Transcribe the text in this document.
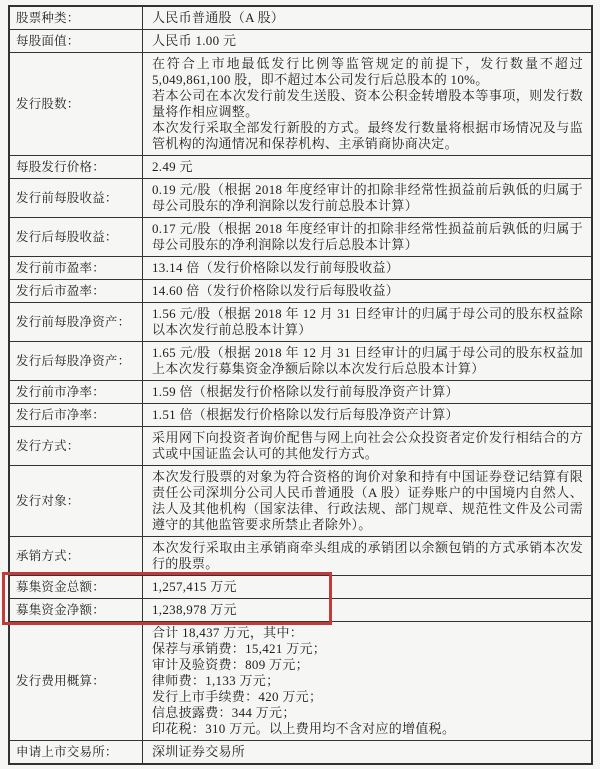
股票种类：	人民币普通股（A 股）

每股面值：	人民币 1.00 元

发行股数：	在符合上市地最低发行比例等监管规定的前提下，发行数量不超过 5,049,861,100 股，即不超过本公司发行后总股本的 10%。

若本公司在本次发行前发生送股、资本公积金转增股本等事项，则发行数量将作相应调整。

本次发行采取全部发行新股的方式。最终发行数量将根据市场情况及与监管机构的沟通情况和保荐机构、主承销商协商决定。

每股发行价格：	2.49 元

发行前每股收益：	0.19 元/股（根据 2018 年度经审计的扣除非经常性损益前后孰低的归属于母公司股东的净利润除以发行前总股本计算）

发行后每股收益：	0.17 元/股（根据 2018 年度经审计的扣除非经常性损益前后孰低的归属于母公司股东的净利润除以发行后总股本计算）

发行前市盈率：	13.14 倍（发行价格除以发行前每股收益）

发行后市盈率：	14.60 倍（发行价格除以发行后每股收益）

发行前每股净资产：	1.56 元/股（根据 2018 年 12 月 31 日经审计的归属于母公司的股东权益除以本次发行前总股本计算）

发行后每股净资产：	1.65 元/股（根据 2018 年 12 月 31 日经审计的归属于母公司的股东权益加上本次发行募集资金净额后除以本次发行后总股本计算）

发行前市净率：	1.59 倍（根据发行价格除以发行前每股净资产计算）

发行后市净率：	1.51 倍（根据发行价格除以发行后每股净资产计算）

发行方式：	采用网下向投资者询价配售与网上向社会公众投资者定价发行相结合的方式或中国证监会认可的其他发行方式。

发行对象：	本次发行股票的对象为符合资格的询价对象和持有中国证券登记结算有限责任公司深圳分公司人民币普通股（A 股）证券账户的中国境内自然人、法人及其他机构（国家法律、行政法规、部门规章、规范性文件及公司需遵守的其他监管要求所禁止者除外）。

承销方式：	本次发行采取由主承销商牵头组成的承销团以余额包销的方式承销本次发行的股票。

募集资金总额：	1,257,415 万元

募集资金净额：	1,238,978 万元

发行费用概算：	

合计 18,437 万元，其中：

保荐与承销费：15,421 万元；

审计及验资费：809 万元；

律师费：1,133 万元；

发行上市手续费：420 万元；

信息披露费：344 万元；

印花税：310 万元。以上费用均不含对应的增值税。

申请上市交易所：	深圳证券交易所
